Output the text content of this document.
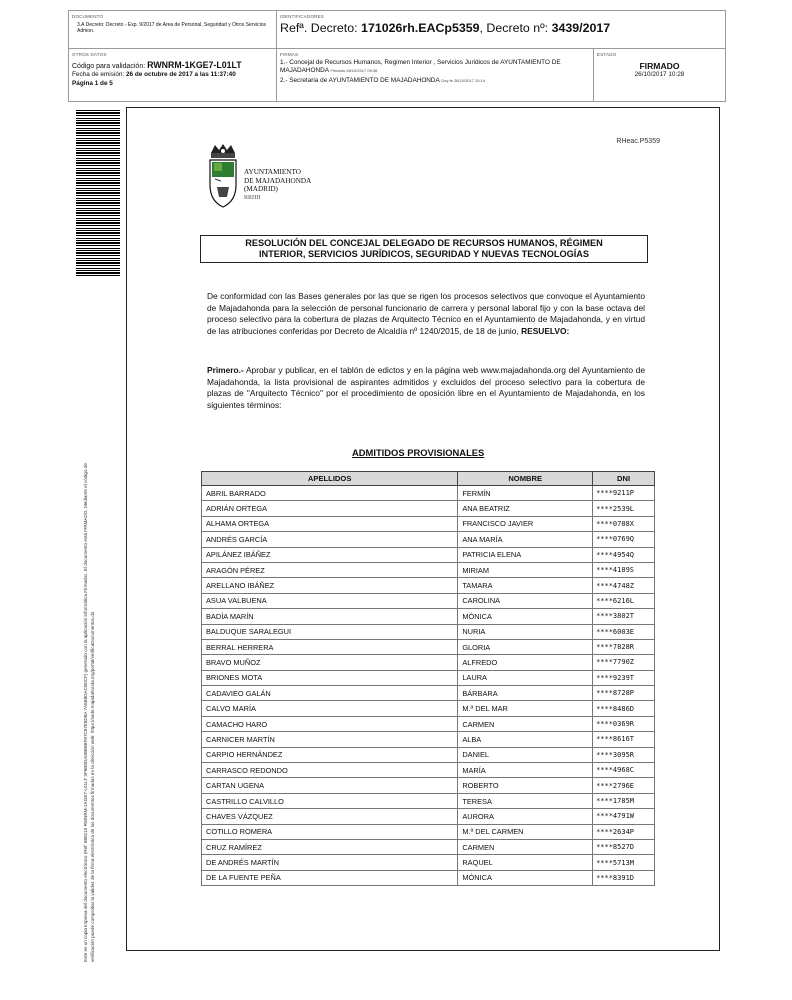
DOCUMENTO
3.A Decreto: Decreto - Exp. 9/2017 de Area de Personal, Seguridad y Otros Servicios Admon.
IDENTIFICADORES
Refª. Decreto: 171026rh.EACp5359, Decreto nº: 3439/2017
OTROS DATOS
Código para validación: RWNRM-1KGE7-L01LT
Fecha de emisión: 26 de octubre de 2017 a las 11:37:40
Página 1 de 5
FIRMAS
1.- Concejal de Recursos Humanos, Regimen Interior , Servicios Juridicos de AYUNTAMIENTO DE MAJADAHONDA Firmado 26/10/2017 09:36
2.- Secretaria de AYUNTAMIENTO DE MAJADAHONDA Doy fe 26/10/2017 10:14
ESTADO
FIRMADO
26/10/2017 10:28
Este es un copia impresa del documento electrónico (Ref: 888215 RWNRM-1KGE7-L01LT 3F6B8DA0BB8BF87C67E8D8A 7A6B8DACB0CF) generado con la aplicación informática Firmadoc. El documento está FIRMADO. Mediante el código de verificación puede comprobar la validez de la firma electrónica de los documentos firmados en la dirección web: https://sede.majadahonda.org/portal/verificaDocumentos.do
RHeac.P5359
AYUNTAMIENTO
DE MAJADAHONDA
(MADRID)
RRHH
RESOLUCIÓN DEL CONCEJAL DELEGADO DE RECURSOS HUMANOS, RÉGIMEN
INTERIOR, SERVICIOS JURÍDICOS, SEGURIDAD Y NUEVAS TECNOLOGÍAS
De conformidad con las Bases generales por las que se rigen los procesos selectivos que convoque el Ayuntamiento de Majadahonda para la selección de personal funcionario de carrera y personal laboral fijo y con la base octava del proceso selectivo para la cobertura de plazas de Arquitecto Técnico en el Ayuntamiento de Majadahonda, y en virtud de las atribuciones conferidas por Decreto de Alcaldía nº 1240/2015, de 18 de junio, RESUELVO:
Primero.- Aprobar y publicar, en el tablón de edictos y en la página web www.majadahonda.org del Ayuntamiento de Majadahonda, la lista provisional de aspirantes admitidos y excluidos del proceso selectivo para la cobertura de plazas de "Arquitecto Técnico" por el procedimiento de oposición libre en el Ayuntamiento de Majadahonda, en los siguientes términos:
ADMITIDOS PROVISIONALES
APELLIDOS	NOMBRE	DNI
ABRIL BARRADO	FERMÍN	****9211P
ADRIÁN ORTEGA	ANA BEATRIZ	****2539L
ALHAMA ORTEGA	FRANCISCO JAVIER	****0708X
ANDRÉS GARCÍA	ANA MARÍA	****0769Q
APILÁNEZ IBÁÑEZ	PATRICIA ELENA	****4954Q
ARAGÓN PÉREZ	MIRIAM	****4189S
ARELLANO IBÁÑEZ	TAMARA	****4748Z
ASUA VALBUENA	CAROLINA	****6216L
BADÍA MARÍN	MÓNICA	****3802T
BALDUQUE SARALEGUI	NURIA	****6003E
BERRAL HERRERA	GLORIA	****7828R
BRAVO MUÑOZ	ALFREDO	****7790Z
BRIONES MOTA	LAURA	****9239T
CADAVIEO GALÁN	BÁRBARA	****8728P
CALVO MARÍA	M.ª DEL MAR	****8486D
CAMACHO HARO	CARMEN	****0369R
CARNICER MARTÍN	ALBA	****8616T
CARPIO HERNÁNDEZ	DANIEL	****3095R
CARRASCO REDONDO	MARÍA	****4968C
CARTAN UGENA	ROBERTO	****2796E
CASTRILLO CALVILLO	TERESA	****1785M
CHAVES VÁZQUEZ	AURORA	****4791W
COTILLO ROMERA	M.ª DEL CARMEN	****2634P
CRUZ RAMÍREZ	CARMEN	****8527D
DE ANDRÉS MARTÍN	RAQUEL	****5713M
DE LA FUENTE PEÑA	MÓNICA	****8391D
